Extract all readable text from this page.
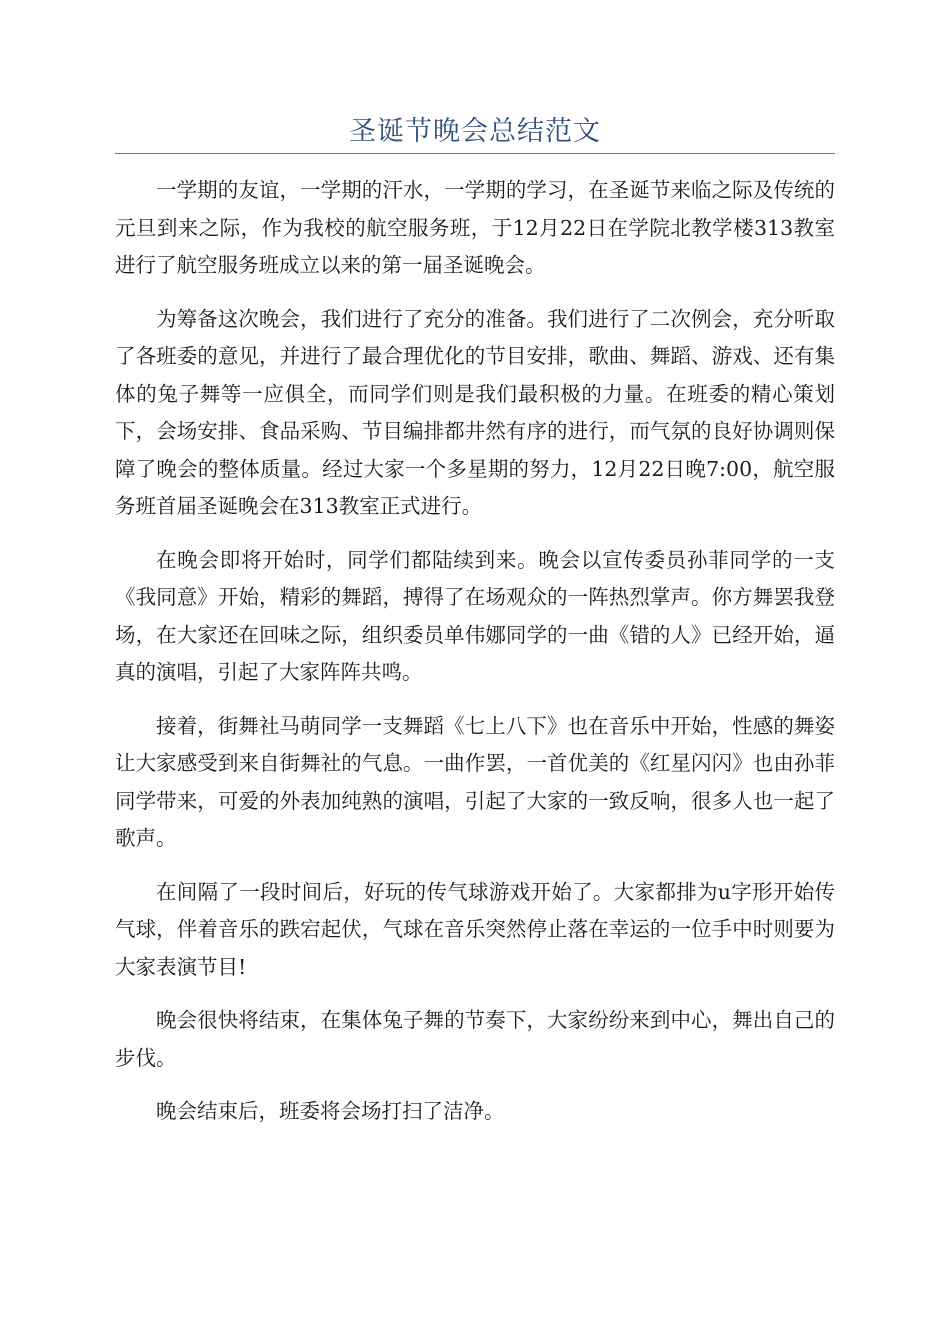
圣诞节晚会总结范文

一学期的友谊，一学期的汗水，一学期的学习，在圣诞节来临之际及传统的元旦到来之际，作为我校的航空服务班，于12月22日在学院北教学楼313教室进行了航空服务班成立以来的第一届圣诞晚会。

为筹备这次晚会，我们进行了充分的准备。我们进行了二次例会，充分听取了各班委的意见，并进行了最合理优化的节目安排，歌曲、舞蹈、游戏、还有集体的兔子舞等一应俱全，而同学们则是我们最积极的力量。在班委的精心策划下，会场安排、食品采购、节目编排都井然有序的进行，而气氛的良好协调则保障了晚会的整体质量。经过大家一个多星期的努力，12月22日晚7:00，航空服务班首届圣诞晚会在313教室正式进行。

在晚会即将开始时，同学们都陆续到来。晚会以宣传委员孙菲同学的一支《我同意》开始，精彩的舞蹈，搏得了在场观众的一阵热烈掌声。你方舞罢我登场，在大家还在回味之际，组织委员单伟娜同学的一曲《错的人》已经开始，逼真的演唱，引起了大家阵阵共鸣。

接着，街舞社马萌同学一支舞蹈《七上八下》也在音乐中开始，性感的舞姿让大家感受到来自街舞社的气息。一曲作罢，一首优美的《红星闪闪》也由孙菲同学带来，可爱的外表加纯熟的演唱，引起了大家的一致反响，很多人也一起了歌声。

在间隔了一段时间后，好玩的传气球游戏开始了。大家都排为u字形开始传气球，伴着音乐的跌宕起伏，气球在音乐突然停止落在幸运的一位手中时则要为大家表演节目!

晚会很快将结束，在集体兔子舞的节奏下，大家纷纷来到中心，舞出自己的步伐。

晚会结束后，班委将会场打扫了洁净。
